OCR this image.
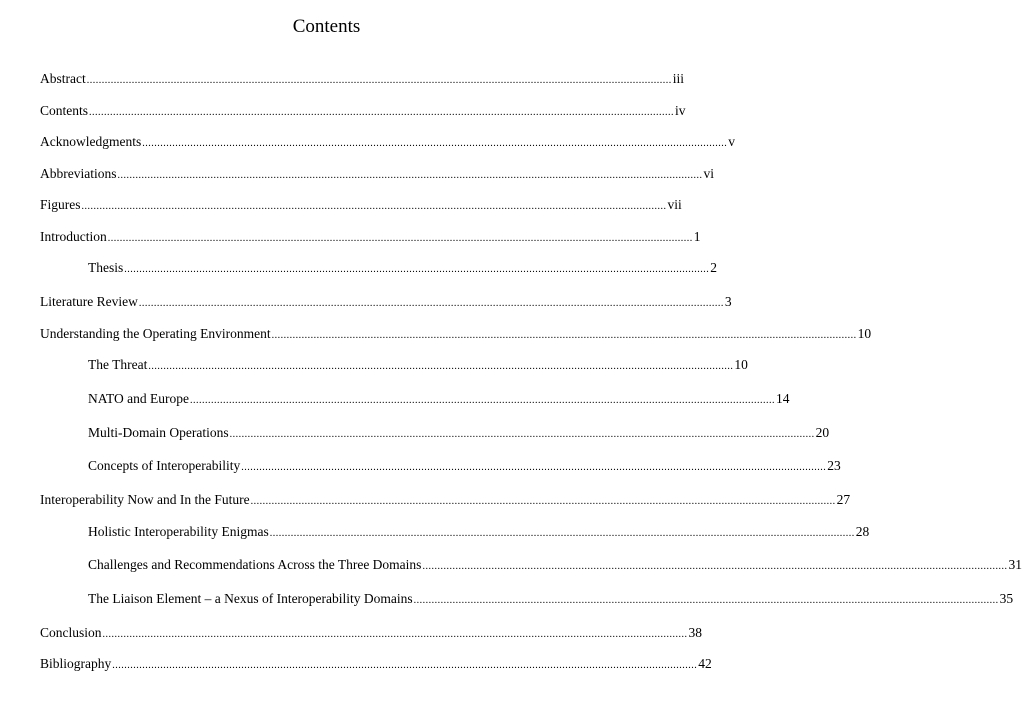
Contents
Abstract ................................................................................................................................................................................................... iii
Contents ................................................................................................................................................................................................... iv
Acknowledgments ................................................................................................................................................................................................... v
Abbreviations ................................................................................................................................................................................................... vi
Figures ................................................................................................................................................................................................... vii
Introduction ................................................................................................................................................................................................... 1
Thesis ................................................................................................................................................................................................... 2
Literature Review ................................................................................................................................................................................................... 3
Understanding the Operating Environment ................................................................................................................................................................................................... 10
The Threat ................................................................................................................................................................................................... 10
NATO and Europe ................................................................................................................................................................................................... 14
Multi-Domain Operations ................................................................................................................................................................................................... 20
Concepts of Interoperability ................................................................................................................................................................................................... 23
Interoperability Now and In the Future ................................................................................................................................................................................................... 27
Holistic Interoperability Enigmas ................................................................................................................................................................................................... 28
Challenges and Recommendations Across the Three Domains ................................................................................................................................................................................................... 31
The Liaison Element – a Nexus of Interoperability Domains ................................................................................................................................................................................................... 35
Conclusion ................................................................................................................................................................................................... 38
Bibliography ................................................................................................................................................................................................... 42
